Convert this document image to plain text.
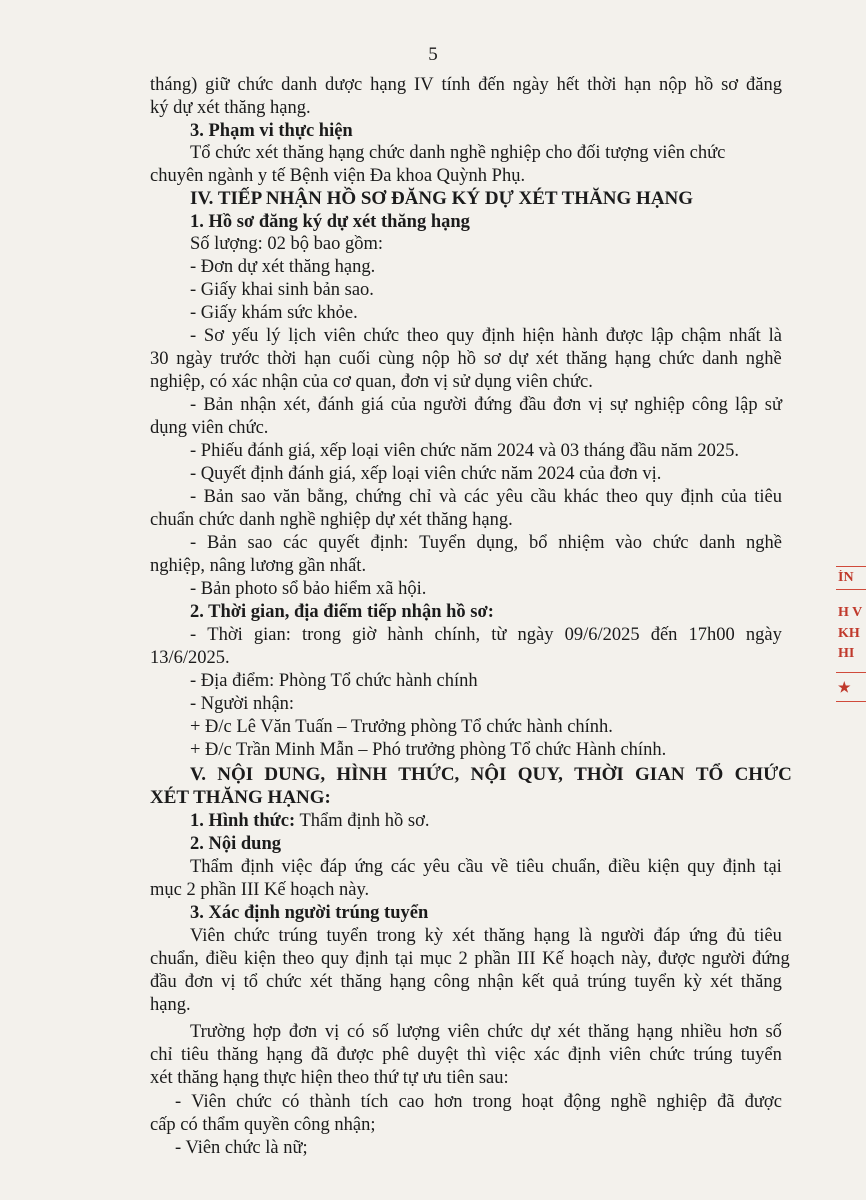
5
tháng) giữ chức danh dược hạng IV tính đến ngày hết thời hạn nộp hồ sơ đăng
ký dự xét thăng hạng.
3. Phạm vi thực hiện
Tổ chức xét thăng hạng chức danh nghề nghiệp cho đối tượng viên chức
chuyên ngành y tế Bệnh viện Đa khoa Quỳnh Phụ.
IV. TIẾP NHẬN HỒ SƠ ĐĂNG KÝ DỰ XÉT THĂNG HẠNG
1. Hồ sơ đăng ký dự xét thăng hạng
Số lượng: 02 bộ bao gồm:
- Đơn dự xét thăng hạng.
- Giấy khai sinh bản sao.
- Giấy khám sức khỏe.
- Sơ yếu lý lịch viên chức theo quy định hiện hành được lập chậm nhất là
30 ngày trước thời hạn cuối cùng nộp hồ sơ dự xét thăng hạng chức danh nghề
nghiệp, có xác nhận của cơ quan, đơn vị sử dụng viên chức.
- Bản nhận xét, đánh giá của người đứng đầu đơn vị sự nghiệp công lập sử
dụng viên chức.
- Phiếu đánh giá, xếp loại viên chức năm 2024 và 03 tháng đầu năm 2025.
- Quyết định đánh giá, xếp loại viên chức năm 2024 của đơn vị.
- Bản sao văn bằng, chứng chỉ và các yêu cầu khác theo quy định của tiêu
chuẩn chức danh nghề nghiệp dự xét thăng hạng.
- Bản sao các quyết định: Tuyển dụng, bổ nhiệm vào chức danh nghề
nghiệp, nâng lương gần nhất.
- Bản photo sổ bảo hiểm xã hội.
2. Thời gian, địa điểm tiếp nhận hồ sơ:
- Thời gian: trong giờ hành chính, từ ngày 09/6/2025 đến 17h00 ngày
13/6/2025.
- Địa điểm: Phòng Tổ chức hành chính
- Người nhận:
+ Đ/c Lê Văn Tuấn – Trưởng phòng Tổ chức hành chính.
+ Đ/c Trần Minh Mẫn – Phó trưởng phòng Tổ chức Hành chính.
V. NỘI DUNG, HÌNH THỨC, NỘI QUY, THỜI GIAN TỔ CHỨC
XÉT THĂNG HẠNG:
1. Hình thức: Thẩm định hồ sơ.
2. Nội dung
Thẩm định việc đáp ứng các yêu cầu về tiêu chuẩn, điều kiện quy định tại
mục 2 phần III Kế hoạch này.
3. Xác định người trúng tuyển
Viên chức trúng tuyển trong kỳ xét thăng hạng là người đáp ứng đủ tiêu
chuẩn, điều kiện theo quy định tại mục 2 phần III Kế hoạch này, được người đứng
đầu đơn vị tổ chức xét thăng hạng công nhận kết quả trúng tuyển kỳ xét thăng
hạng.
Trường hợp đơn vị có số lượng viên chức dự xét thăng hạng nhiều hơn số
chỉ tiêu thăng hạng đã được phê duyệt thì việc xác định viên chức trúng tuyển
xét thăng hạng thực hiện theo thứ tự ưu tiên sau:
- Viên chức có thành tích cao hơn trong hoạt động nghề nghiệp đã được
cấp có thẩm quyền công nhận;
- Viên chức là nữ;
ÍN
H V
KH
HI
★
